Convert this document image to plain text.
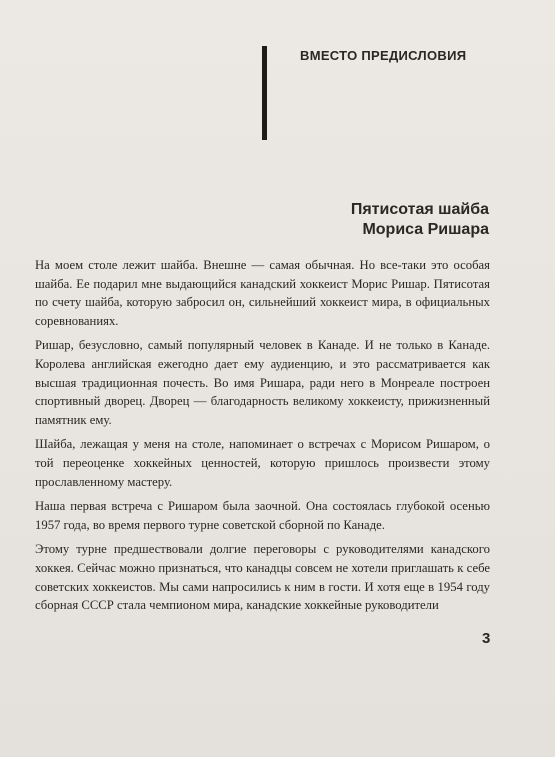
ВМЕСТО ПРЕДИСЛОВИЯ
Пятисотая шайба
Мориса Ришара

На моем столе лежит шайба. Внешне — самая обычная. Но все-таки это особая шайба. Ее подарил мне выдающийся канадский хоккеист Морис Ришар. Пятисотая по счету шайба, которую забросил он, сильнейший хоккеист мира, в официальных соревнованиях.

Ришар, безусловно, самый популярный человек в Канаде. И не только в Канаде. Королева английская ежегодно дает ему аудиенцию, и это рассматривается как высшая традиционная почесть. Во имя Ришара, ради него в Монреале построен спортивный дворец. Дворец — благодарность великому хоккеисту, прижизненный памятник ему.

Шайба, лежащая у меня на столе, напоминает о встречах с Морисом Ришаром, о той переоценке хоккейных ценностей, которую пришлось произвести этому прославленному мастеру.

Наша первая встреча с Ришаром была заочной. Она состоялась глубокой осенью 1957 года, во время первого турне советской сборной по Канаде.

Этому турне предшествовали долгие переговоры с руководителями канадского хоккея. Сейчас можно признаться, что канадцы совсем не хотели приглашать к себе советских хоккеистов. Мы сами напросились к ним в гости. И хотя еще в 1954 году сборная СССР стала чемпионом мира, канадские хоккейные руководители

3
